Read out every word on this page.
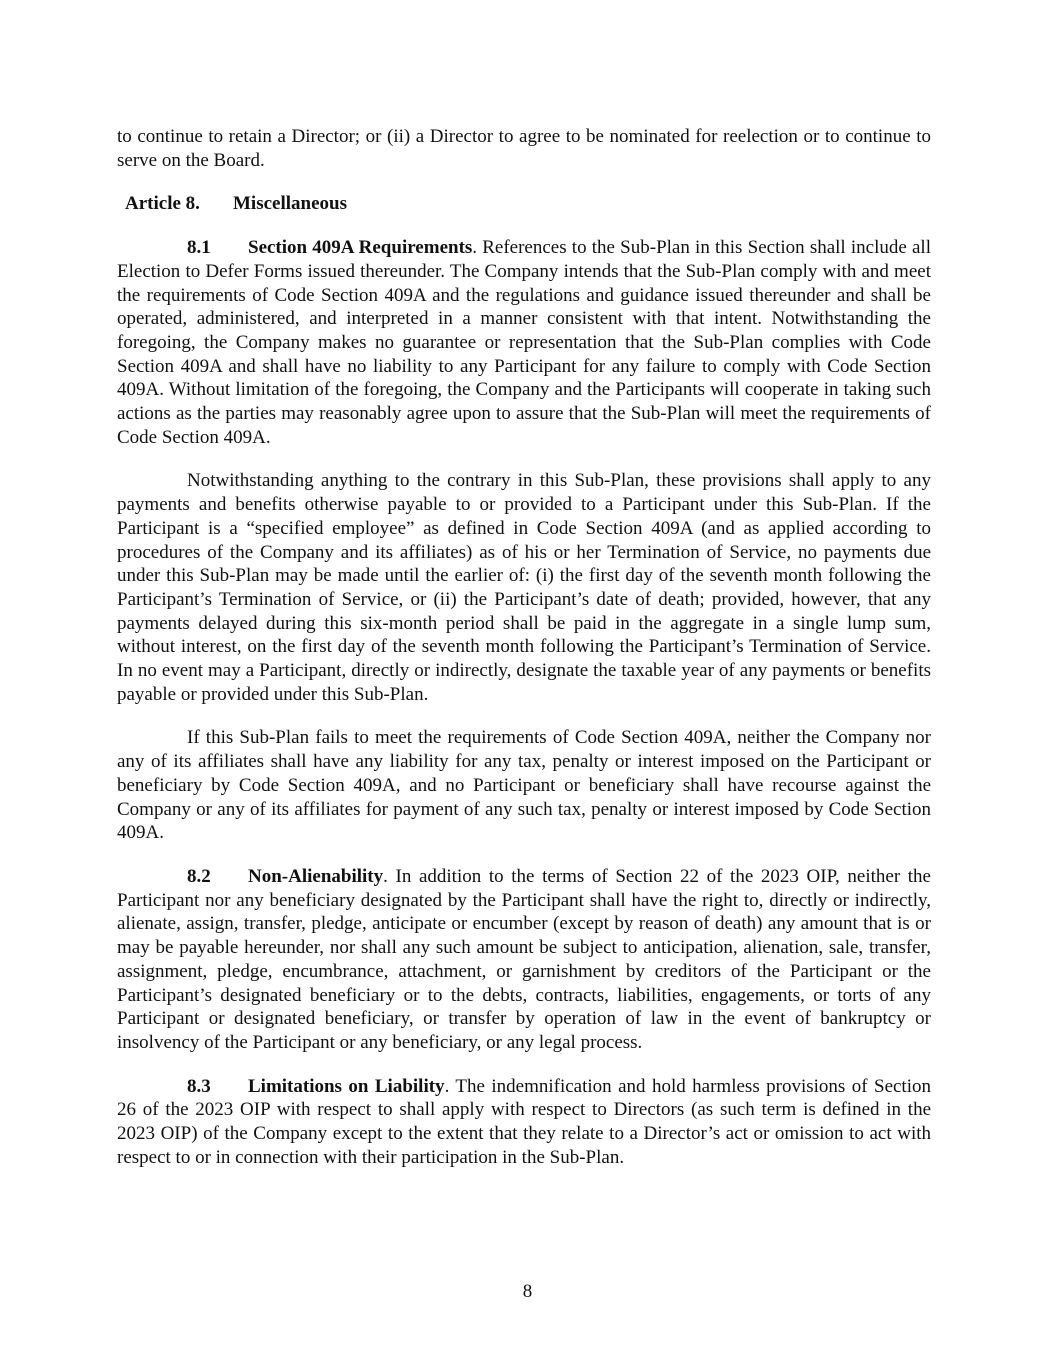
to continue to retain a Director; or (ii) a Director to agree to be nominated for reelection or to continue to serve on the Board.

Article 8. Miscellaneous

8.1 Section 409A Requirements. References to the Sub-Plan in this Section shall include all Election to Defer Forms issued thereunder. The Company intends that the Sub-Plan comply with and meet the requirements of Code Section 409A and the regulations and guidance issued thereunder and shall be operated, administered, and interpreted in a manner consistent with that intent. Notwithstanding the foregoing, the Company makes no guarantee or representation that the Sub-Plan complies with Code Section 409A and shall have no liability to any Participant for any failure to comply with Code Section 409A. Without limitation of the foregoing, the Company and the Participants will cooperate in taking such actions as the parties may reasonably agree upon to assure that the Sub-Plan will meet the requirements of Code Section 409A.

Notwithstanding anything to the contrary in this Sub-Plan, these provisions shall apply to any payments and benefits otherwise payable to or provided to a Participant under this Sub-Plan. If the Participant is a “specified employee” as defined in Code Section 409A (and as applied according to procedures of the Company and its affiliates) as of his or her Termination of Service, no payments due under this Sub-Plan may be made until the earlier of: (i) the first day of the seventh month following the Participant’s Termination of Service, or (ii) the Participant’s date of death; provided, however, that any payments delayed during this six-month period shall be paid in the aggregate in a single lump sum, without interest, on the first day of the seventh month following the Participant’s Termination of Service. In no event may a Participant, directly or indirectly, designate the taxable year of any payments or benefits payable or provided under this Sub-Plan.

If this Sub-Plan fails to meet the requirements of Code Section 409A, neither the Company nor any of its affiliates shall have any liability for any tax, penalty or interest imposed on the Participant or beneficiary by Code Section 409A, and no Participant or beneficiary shall have recourse against the Company or any of its affiliates for payment of any such tax, penalty or interest imposed by Code Section 409A.

8.2 Non-Alienability. In addition to the terms of Section 22 of the 2023 OIP, neither the Participant nor any beneficiary designated by the Participant shall have the right to, directly or indirectly, alienate, assign, transfer, pledge, anticipate or encumber (except by reason of death) any amount that is or may be payable hereunder, nor shall any such amount be subject to anticipation, alienation, sale, transfer, assignment, pledge, encumbrance, attachment, or garnishment by creditors of the Participant or the Participant’s designated beneficiary or to the debts, contracts, liabilities, engagements, or torts of any Participant or designated beneficiary, or transfer by operation of law in the event of bankruptcy or insolvency of the Participant or any beneficiary, or any legal process.

8.3 Limitations on Liability. The indemnification and hold harmless provisions of Section 26 of the 2023 OIP with respect to shall apply with respect to Directors (as such term is defined in the 2023 OIP) of the Company except to the extent that they relate to a Director’s act or omission to act with respect to or in connection with their participation in the Sub-Plan.

8
